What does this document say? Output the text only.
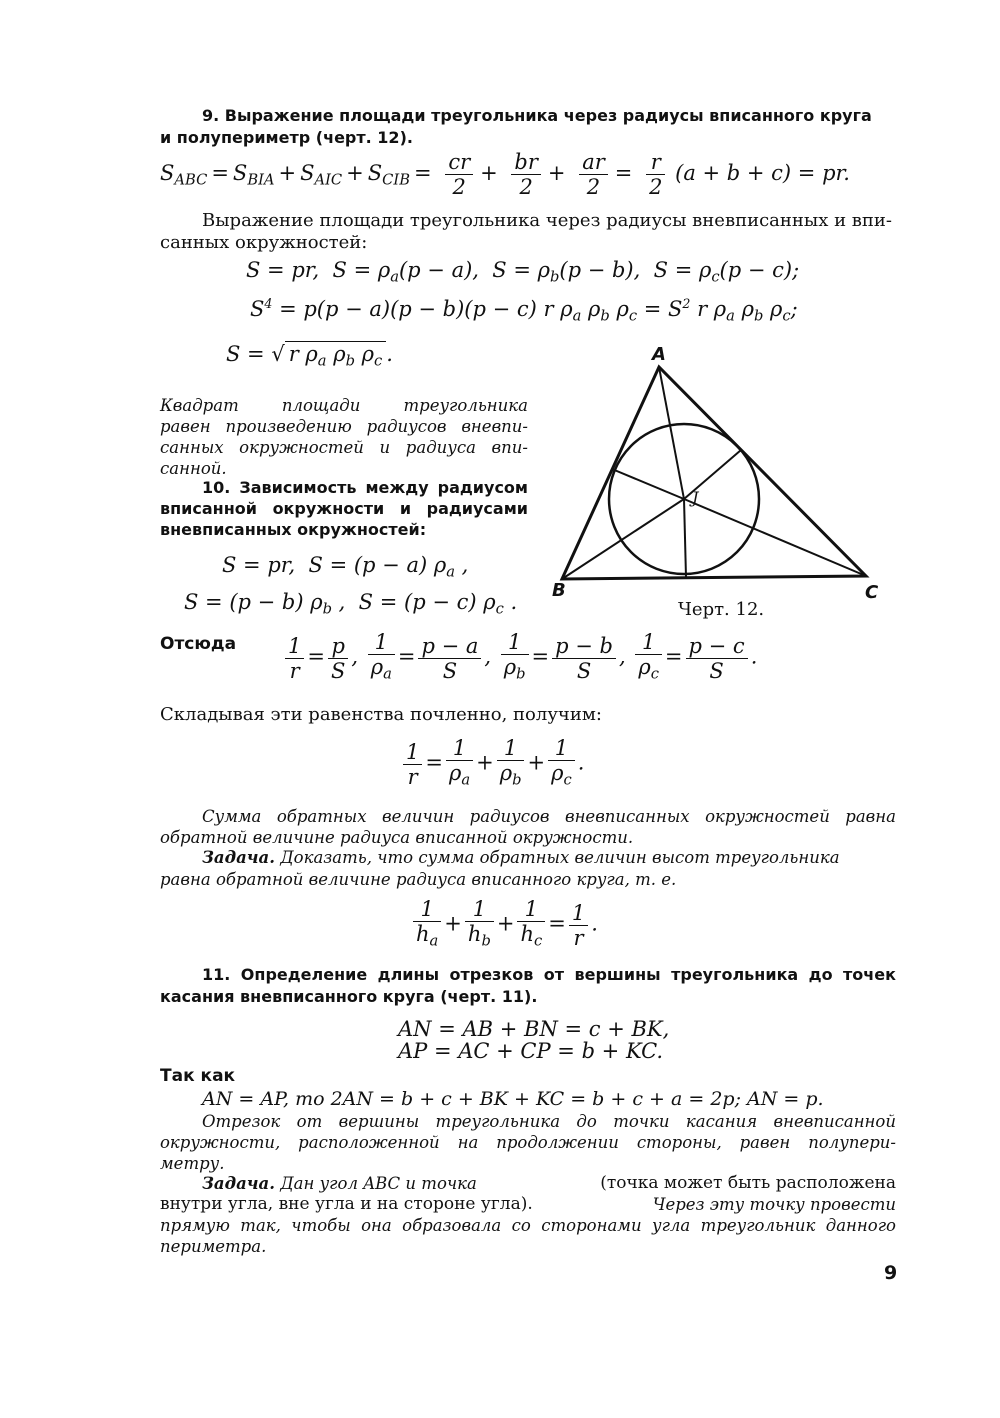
9. Выражение площади треугольника через радиусы вписанного круга
и полупериметр (черт. 12).
$S_{ABC} = S_{BIA} + S_{AIC} + S_{CIB} = \frac{cr}{2} + \frac{br}{2} + \frac{ar}{2} = \frac{r}{2} (a + b + c)$ = pr.
Выражение площади треугольника через радиусы вневписанных и впи-
санных окружностей:
S = pr,  $S = \rho_a(p - a)$,  $S = \rho_b(p - b)$,  $S = \rho_c(p - c)$;
$S^4 = p(p - a)(p - b)(p - c)$ r $\rho_a$ $\rho_b$ $\rho_c = S^2$ r $\rho_a$ $\rho_b$ $\rho_c$;
S = √ r $\rho_a$ $\rho_b$ $\rho_c$ .
Квадрат площади треугольника
равен произведению радиусов вневпи-
санных окружностей и радиуса впи-
санной.
10. Зависимость между радиусом
вписанной окружности и радиусами
вневписанных окружностей:
S = pr,  S = (p − a) $\rho_a$ ,
S = (p − b) $\rho_b$ ,  S = (p − c) $\rho_c$ .
A
B	C
J
Черт. 12.
Отсюда $\frac{1}{r} = \frac{p}{S}$ , $\frac{1}{\rho_a} = \frac{p - a}{S}$ , $\frac{1}{\rho_b} = \frac{p - b}{S}$ , $\frac{1}{\rho_c} = \frac{p - c}{S}$ .
Складывая эти равенства почленно, получим:
$\frac{1}{r} = \frac{1}{\rho_a} + \frac{1}{\rho_b} + \frac{1}{\rho_c}$ .
Сумма обратных величин радиусов вневписанных окружностей равна
обратной величине радиуса вписанной окружности.
Задача. Доказать, что сумма обратных величин высот треугольника
равна обратной величине радиуса вписанного круга, т. е.
$\frac{1}{h_a} + \frac{1}{h_b} + \frac{1}{h_c} = \frac{1}{r}$ .
11. Определение длины отрезков от вершины треугольника до точек
касания вневписанного круга (черт. 11).
AN = AB + BN = c + BK,
AP = AC + CP = b + KC.
Так как
AN = AP, то 2AN = b + c + BK + KC = b + c + a = 2p; AN = p.
Отрезок от вершины треугольника до точки касания вневписанной
окружности, расположенной на продолжении стороны, равен полупери-
метру.
Задача. Дан угол ABC и точка	(точка может быть расположена
внутри угла, вне угла и на стороне угла).	Через эту точку провести
прямую так, чтобы она образовала со сторонами угла треугольник данного
периметра.
9
